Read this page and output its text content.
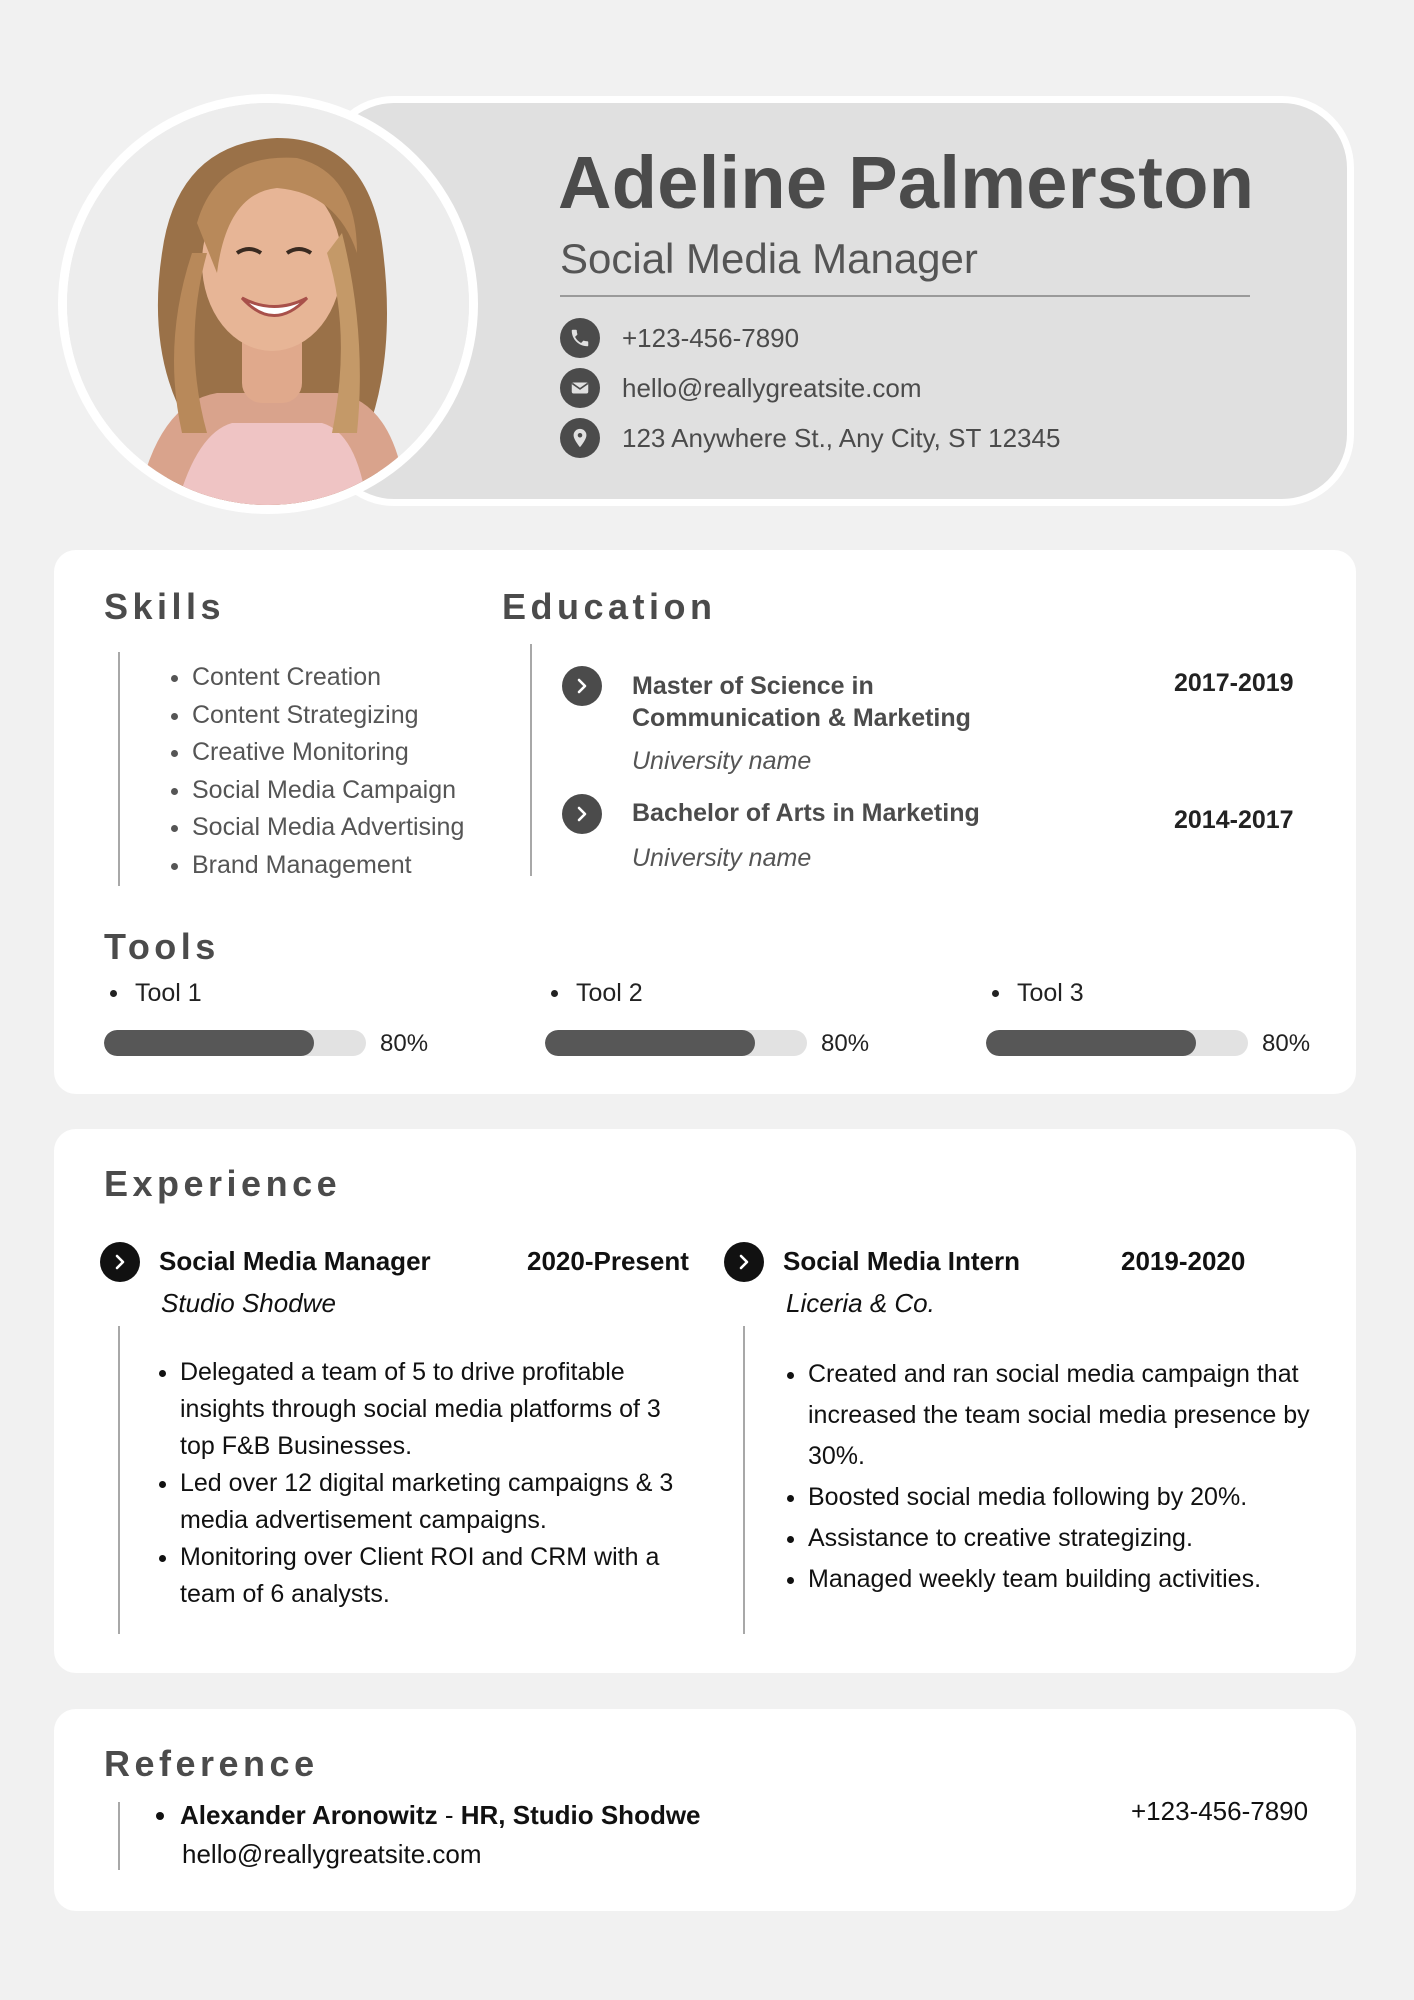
Adeline Palmerston
Social Media Manager
+123-456-7890
hello@reallygreatsite.com
123 Anywhere St., Any City, ST 12345
Skills
• Content Creation
• Content Strategizing
• Creative Monitoring
• Social Media Campaign
• Social Media Advertising
• Brand Management
Education
Master of Science in Communication & Marketing
University name
2017-2019
Bachelor of Arts in Marketing
University name
2014-2017
Tools
Tool 1
80%
Tool 2
80%
Tool 3
80%
Experience
Social Media Manager	2020-Present
Studio Shodwe
• Delegated a team of 5 to drive profitable insights through social media platforms of 3 top F&B Businesses.
• Led over 12 digital marketing campaigns & 3 media advertisement campaigns.
• Monitoring over Client ROI and CRM with a team of 6 analysts.
Social Media Intern	2019-2020
Liceria & Co.
• Created and ran social media campaign that increased the team social media presence by 30%.
• Boosted social media following by 20%.
• Assistance to creative strategizing.
• Managed weekly team building activities.
Reference
Alexander Aronowitz - HR, Studio Shodwe
hello@reallygreatsite.com
+123-456-7890
